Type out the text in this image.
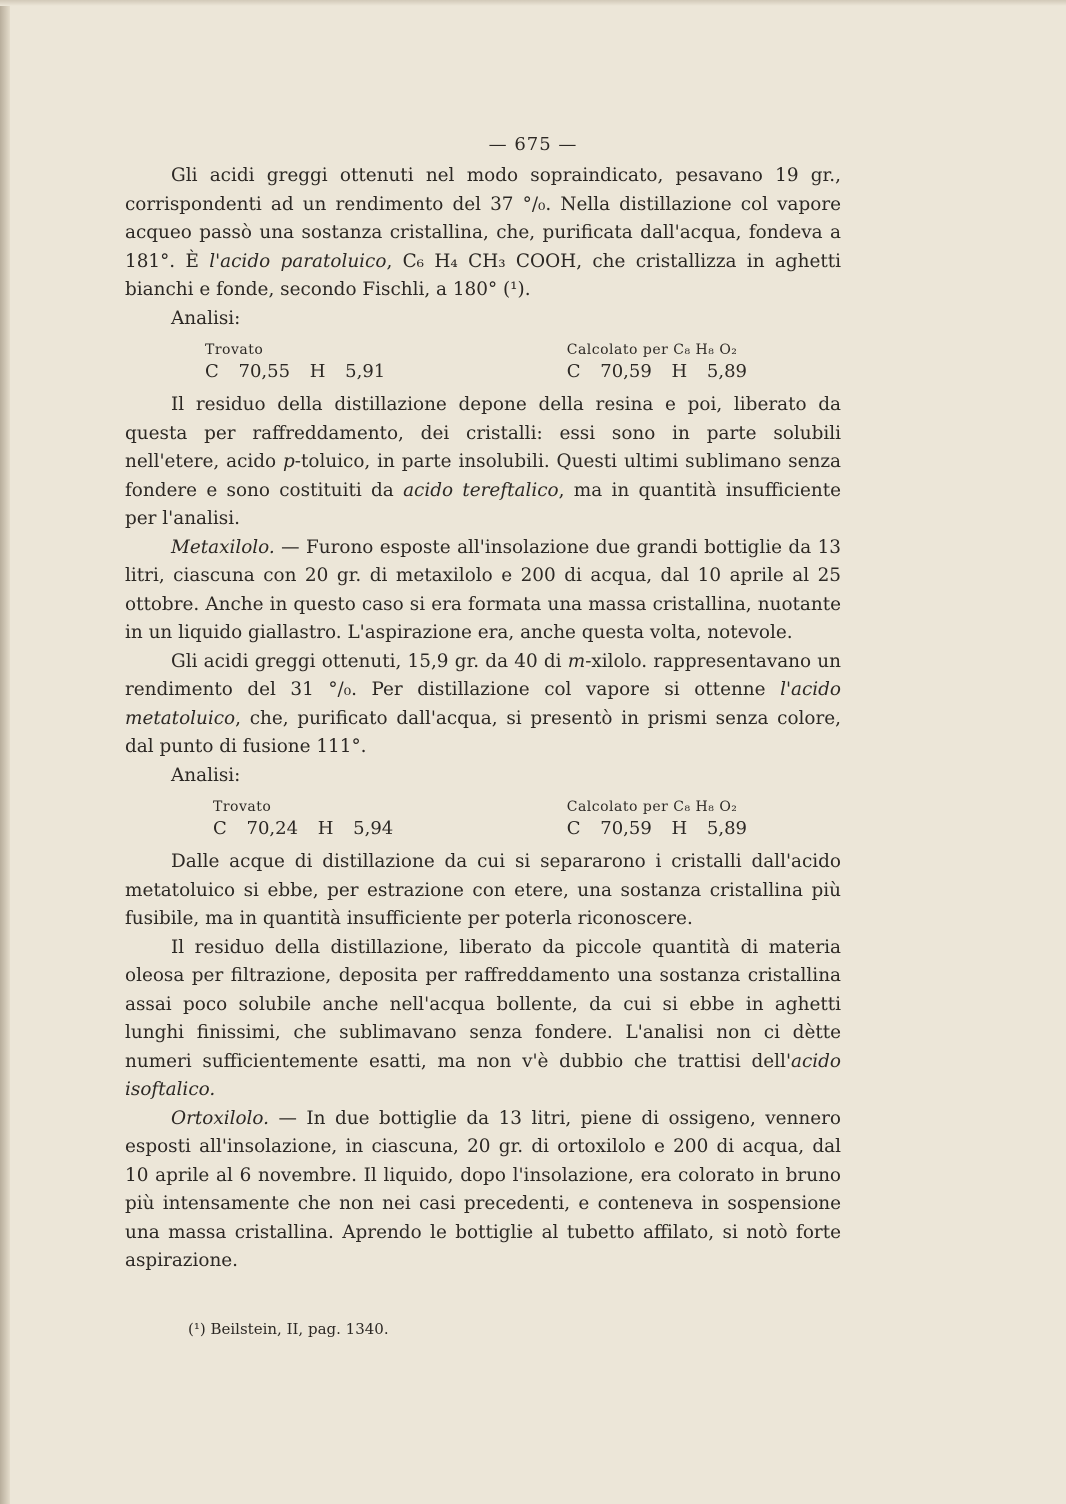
— 675 —

Gli acidi greggi ottenuti nel modo sopraindicato, pesavano 19 gr., corrispondenti ad un rendimento del 37 °/₀. Nella distillazione col vapore acqueo passò una sostanza cristallina, che, purificata dall'acqua, fondeva a 181°. È l'acido paratoluico, C₆ H₄ CH₃ COOH, che cristallizza in aghetti bianchi e fonde, secondo Fischli, a 180° (¹).

Analisi:

Trovato
C 70,55 H 5,91
Calcolato per C₈ H₈ O₂
C 70,59 H 5,89

Il residuo della distillazione depone della resina e poi, liberato da questa per raffreddamento, dei cristalli: essi sono in parte solubili nell'etere, acido p-toluico, in parte insolubili. Questi ultimi sublimano senza fondere e sono costituiti da acido tereftalico, ma in quantità insufficiente per l'analisi.

Metaxilolo. — Furono esposte all'insolazione due grandi bottiglie da 13 litri, ciascuna con 20 gr. di metaxilolo e 200 di acqua, dal 10 aprile al 25 ottobre. Anche in questo caso si era formata una massa cristallina, nuotante in un liquido giallastro. L'aspirazione era, anche questa volta, notevole.

Gli acidi greggi ottenuti, 15,9 gr. da 40 di m-xilolo. rappresentavano un rendimento del 31 °/₀. Per distillazione col vapore si ottenne l'acido metatoluico, che, purificato dall'acqua, si presentò in prismi senza colore, dal punto di fusione 111°.

Analisi:

Trovato
C 70,24 H 5,94
Calcolato per C₈ H₈ O₂
C 70,59 H 5,89

Dalle acque di distillazione da cui si separarono i cristalli dall'acido metatoluico si ebbe, per estrazione con etere, una sostanza cristallina più fusibile, ma in quantità insufficiente per poterla riconoscere.

Il residuo della distillazione, liberato da piccole quantità di materia oleosa per filtrazione, deposita per raffreddamento una sostanza cristallina assai poco solubile anche nell'acqua bollente, da cui si ebbe in aghetti lunghi finissimi, che sublimavano senza fondere. L'analisi non ci dètte numeri sufficientemente esatti, ma non v'è dubbio che trattisi dell'acido isoftalico.

Ortoxilolo. — In due bottiglie da 13 litri, piene di ossigeno, vennero esposti all'insolazione, in ciascuna, 20 gr. di ortoxilolo e 200 di acqua, dal 10 aprile al 6 novembre. Il liquido, dopo l'insolazione, era colorato in bruno più intensamente che non nei casi precedenti, e conteneva in sospensione una massa cristallina. Aprendo le bottiglie al tubetto affilato, si notò forte aspirazione.

(¹) Beilstein, II, pag. 1340.
